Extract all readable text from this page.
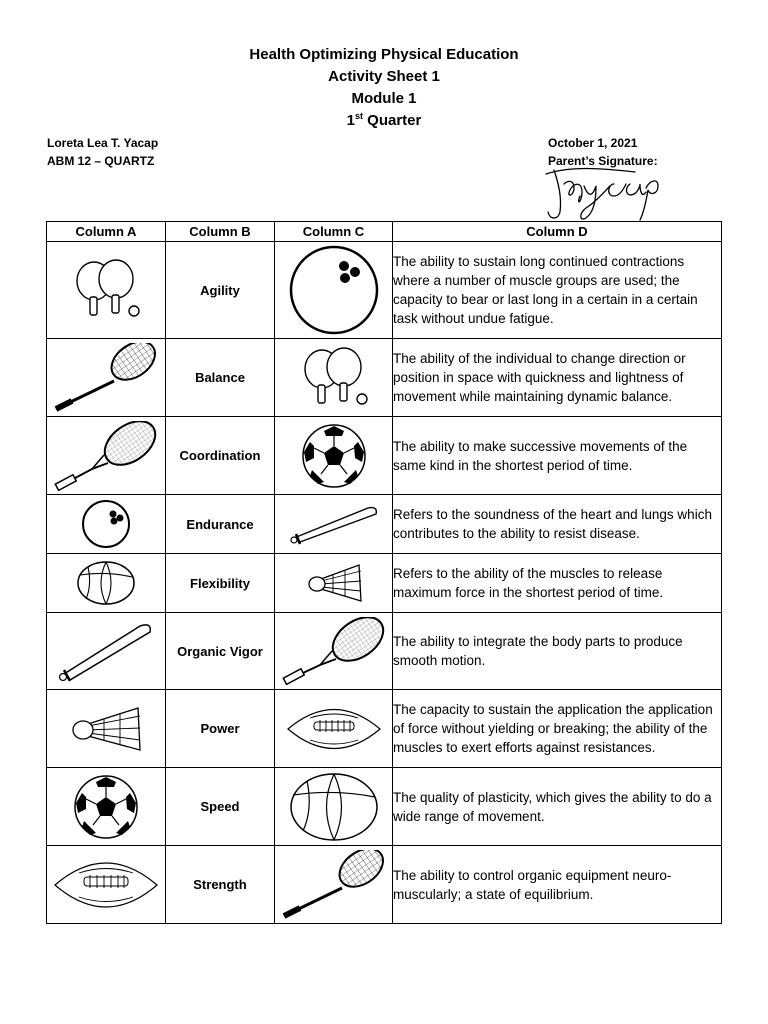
Health Optimizing Physical Education
Activity Sheet 1
Module 1
1st Quarter
Loreta Lea T. Yacap
ABM 12 – QUARTZ
October 1, 2021
Parent’s Signature:
Column A	Column B	Column C	Column D

	Agility		The ability to sustain long continued contractions where a number of muscle groups are used; the capacity to bear or last long in a certain in a certain task without undue fatigue.

	Balance		The ability of the individual to change direction or position in space with quickness and lightness of movement while maintaining dynamic balance.

	Coordination		The ability to make successive movements of the same kind in the shortest period of time.

	Endurance		Refers to the soundness of the heart and lungs which contributes to the ability to resist disease.

	Flexibility		Refers to the ability of the muscles to release maximum force in the shortest period of time.

	Organic Vigor		The ability to integrate the body parts to produce smooth motion.

	Power		The capacity to sustain the application the application of force without yielding or breaking; the ability of the muscles to exert efforts against resistances.

	Speed		The quality of plasticity, which gives the ability to do a wide range of movement.

	Strength		The ability to control organic equipment neuro-muscularly; a state of equilibrium.
